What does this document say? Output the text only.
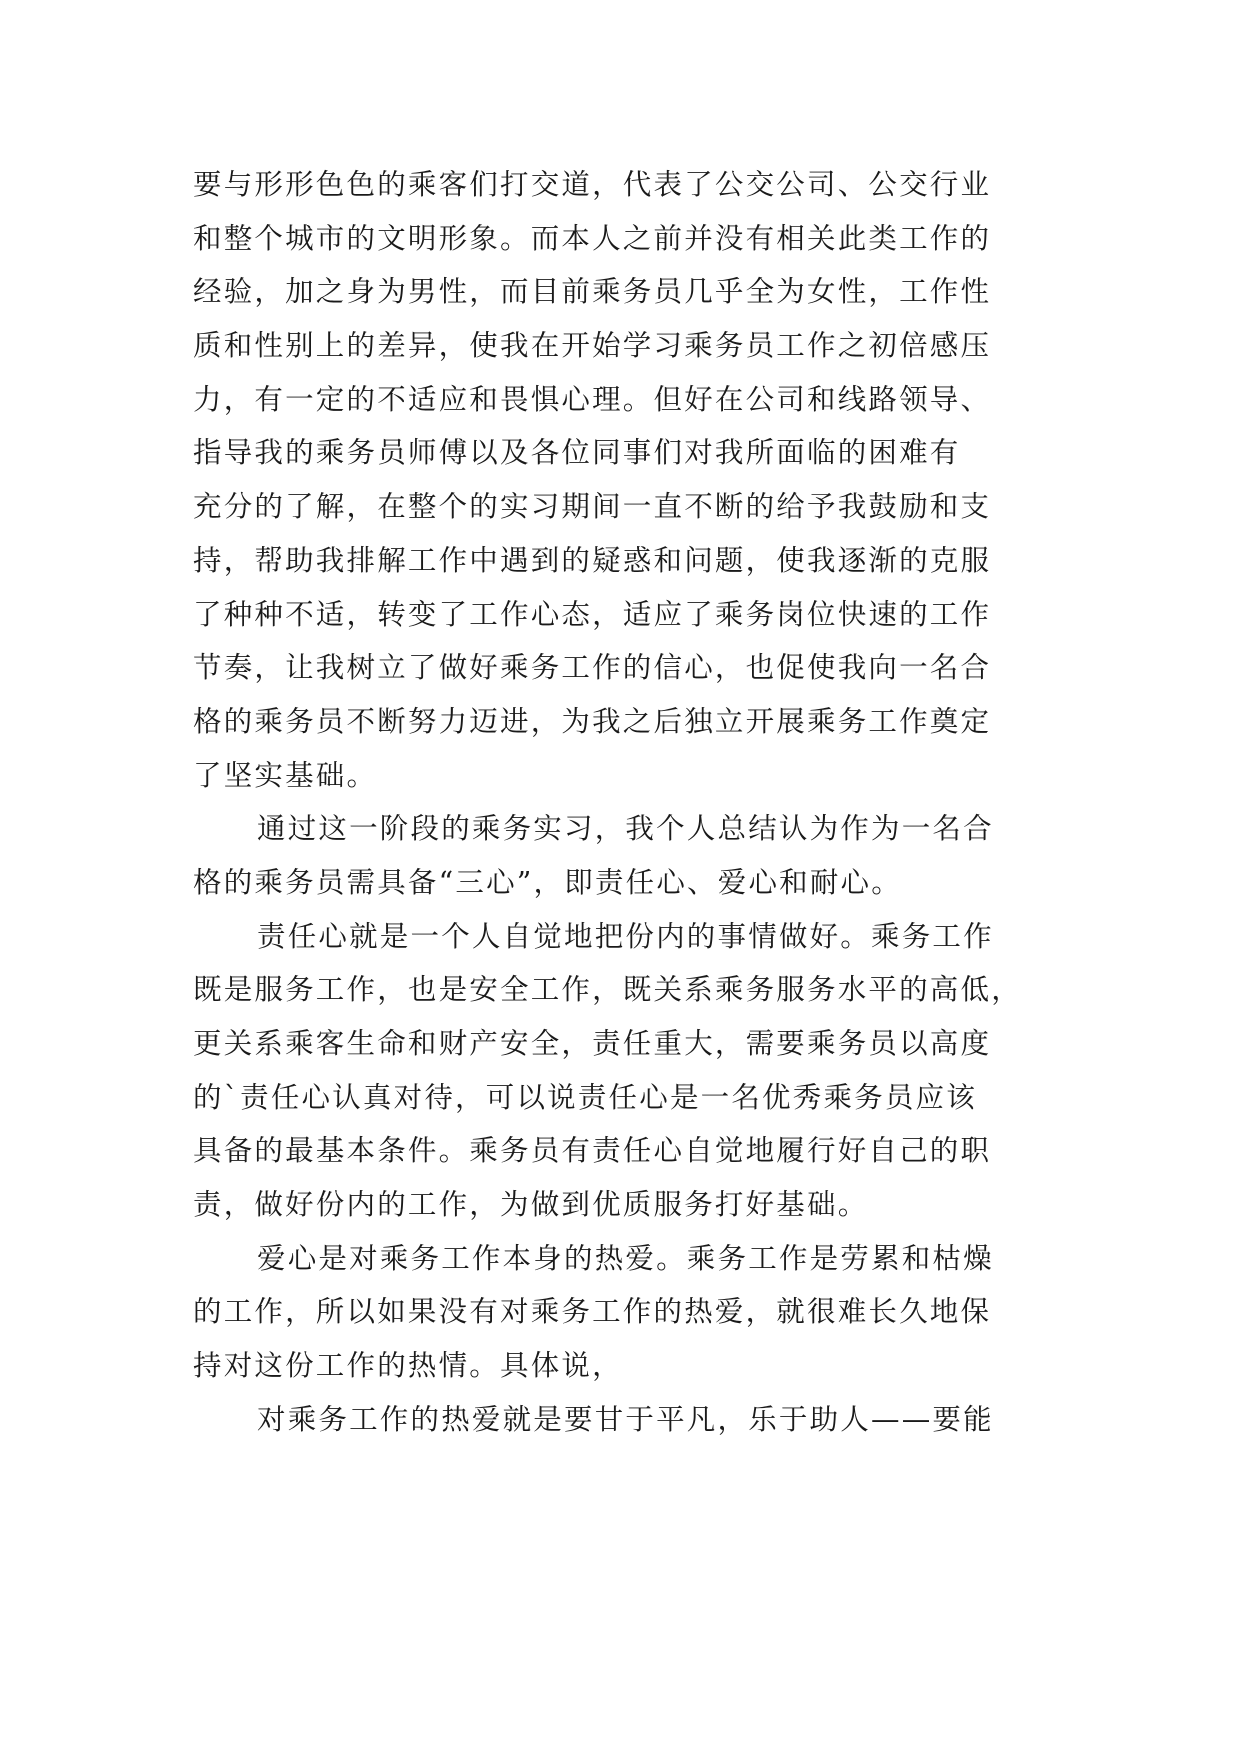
要与形形色色的乘客们打交道，代表了公交公司、公交行业
和整个城市的文明形象。而本人之前并没有相关此类工作的
经验，加之身为男性，而目前乘务员几乎全为女性，工作性
质和性别上的差异，使我在开始学习乘务员工作之初倍感压
力，有一定的不适应和畏惧心理。但好在公司和线路领导、
指导我的乘务员师傅以及各位同事们对我所面临的困难有
充分的了解，在整个的实习期间一直不断的给予我鼓励和支
持，帮助我排解工作中遇到的疑惑和问题，使我逐渐的克服
了种种不适，转变了工作心态，适应了乘务岗位快速的工作
节奏，让我树立了做好乘务工作的信心，也促使我向一名合
格的乘务员不断努力迈进，为我之后独立开展乘务工作奠定
了坚实基础。
通过这一阶段的乘务实习，我个人总结认为作为一名合
格的乘务员需具备“三心”，即责任心、爱心和耐心。
责任心就是一个人自觉地把份内的事情做好。乘务工作
既是服务工作，也是安全工作，既关系乘务服务水平的高低，
更关系乘客生命和财产安全，责任重大，需要乘务员以高度
的`责任心认真对待，可以说责任心是一名优秀乘务员应该
具备的最基本条件。乘务员有责任心自觉地履行好自己的职
责，做好份内的工作，为做到优质服务打好基础。
爱心是对乘务工作本身的热爱。乘务工作是劳累和枯燥
的工作，所以如果没有对乘务工作的热爱，就很难长久地保
持对这份工作的热情。具体说，
对乘务工作的热爱就是要甘于平凡，乐于助人——要能
